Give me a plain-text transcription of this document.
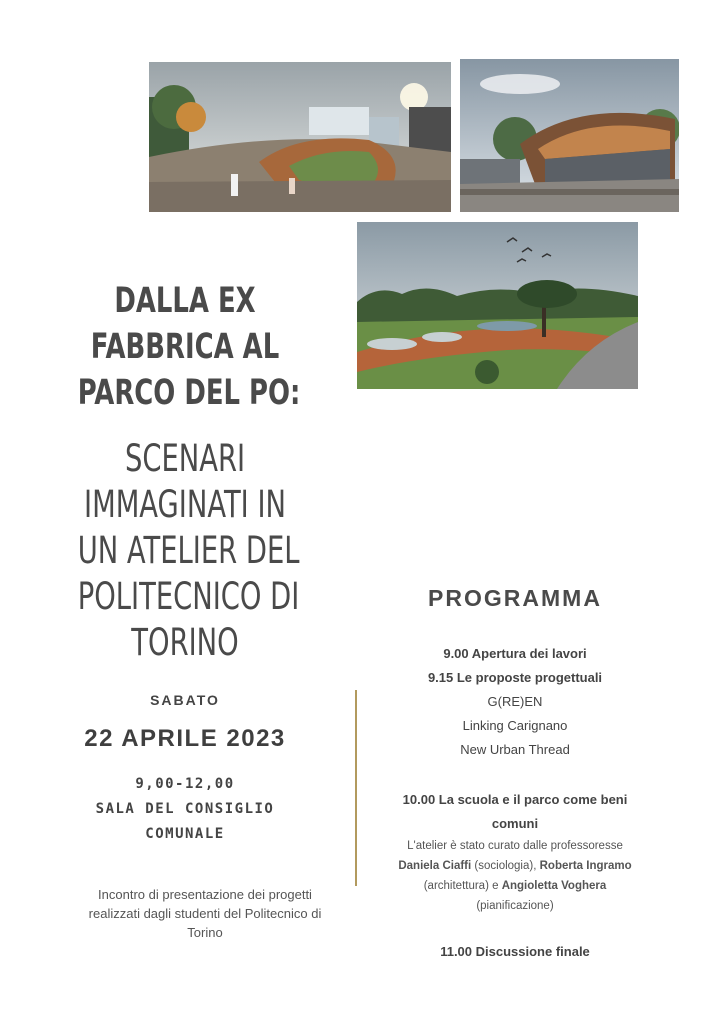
DALLA EX
FABBRICA AL
PARCO DEL PO:
SCENARI
IMMAGINATI IN
UN ATELIER DEL
POLITECNICO DI
TORINO
SABATO
22 APRILE 2023
9,00-12,00
SALA DEL CONSIGLIO
COMUNALE
Incontro di presentazione dei progetti
realizzati dagli studenti del Politecnico di
Torino
PROGRAMMA
9.00 Apertura dei lavori
9.15 Le proposte progettuali
G(RE)EN
Linking Carignano
New Urban Thread
10.00 La scuola e il parco come beni
comuni
L'atelier è stato curato dalle professoresse
Daniela Ciaffi (sociologia), Roberta Ingramo
(architettura) e Angioletta Voghera
(pianificazione)
11.00 Discussione finale
